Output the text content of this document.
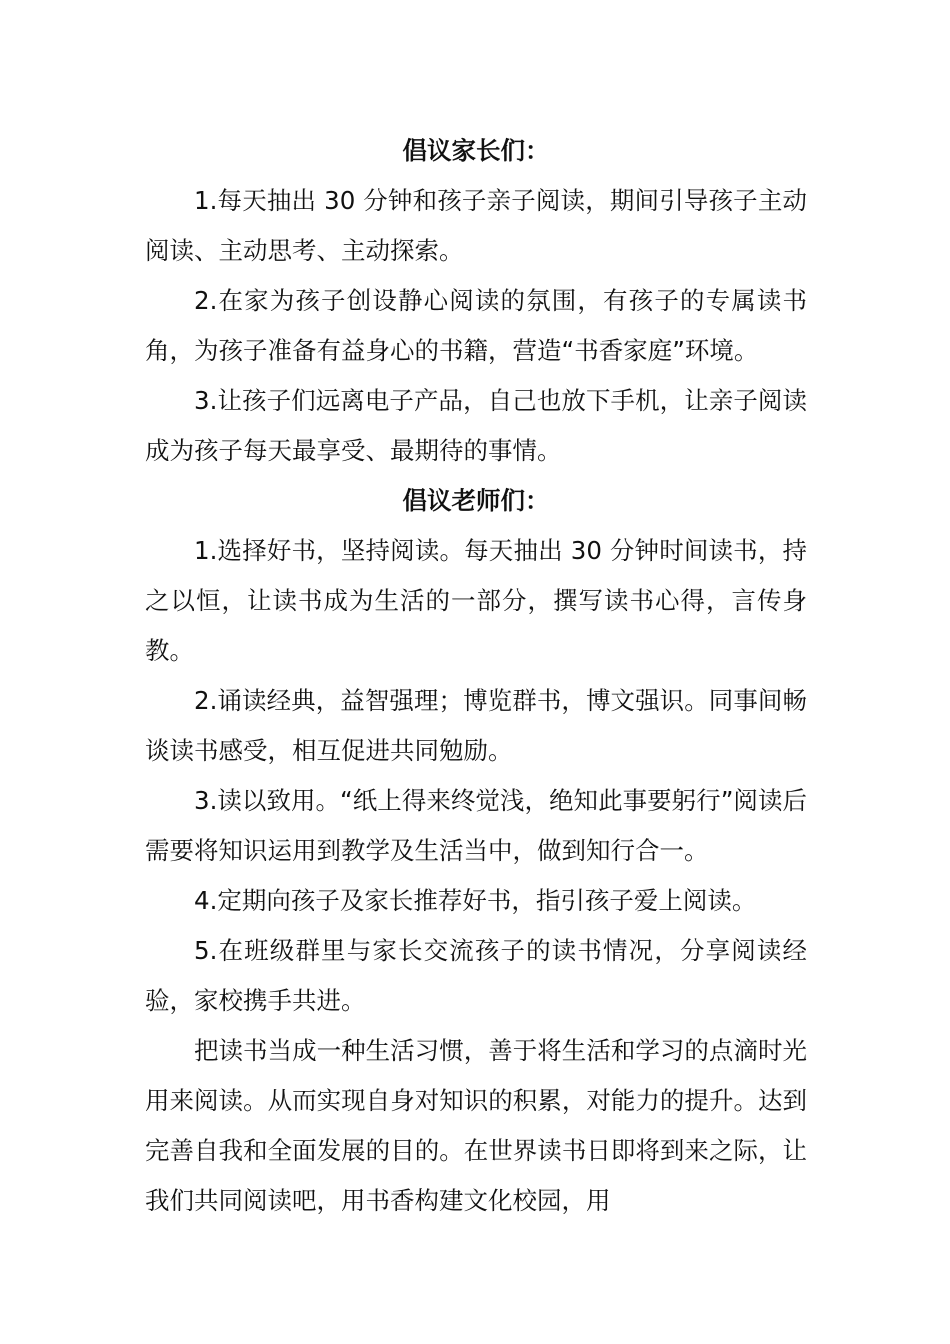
倡议家长们：

1.每天抽出 30 分钟和孩子亲子阅读，期间引导孩子主动阅读、主动思考、主动探索。

2.在家为孩子创设静心阅读的氛围，有孩子的专属读书角，为孩子准备有益身心的书籍，营造“书香家庭”环境。

3.让孩子们远离电子产品，自己也放下手机，让亲子阅读成为孩子每天最享受、最期待的事情。

倡议老师们：

1.选择好书，坚持阅读。每天抽出 30 分钟时间读书，持之以恒，让读书成为生活的一部分，撰写读书心得，言传身教。

2.诵读经典，益智强理；博览群书，博文强识。同事间畅谈读书感受，相互促进共同勉励。

3.读以致用。“纸上得来终觉浅，绝知此事要躬行”阅读后需要将知识运用到教学及生活当中，做到知行合一。

4.定期向孩子及家长推荐好书，指引孩子爱上阅读。

5.在班级群里与家长交流孩子的读书情况，分享阅读经验，家校携手共进。

把读书当成一种生活习惯，善于将生活和学习的点滴时光用来阅读。从而实现自身对知识的积累，对能力的提升。达到完善自我和全面发展的目的。在世界读书日即将到来之际，让我们共同阅读吧，用书香构建文化校园，用
